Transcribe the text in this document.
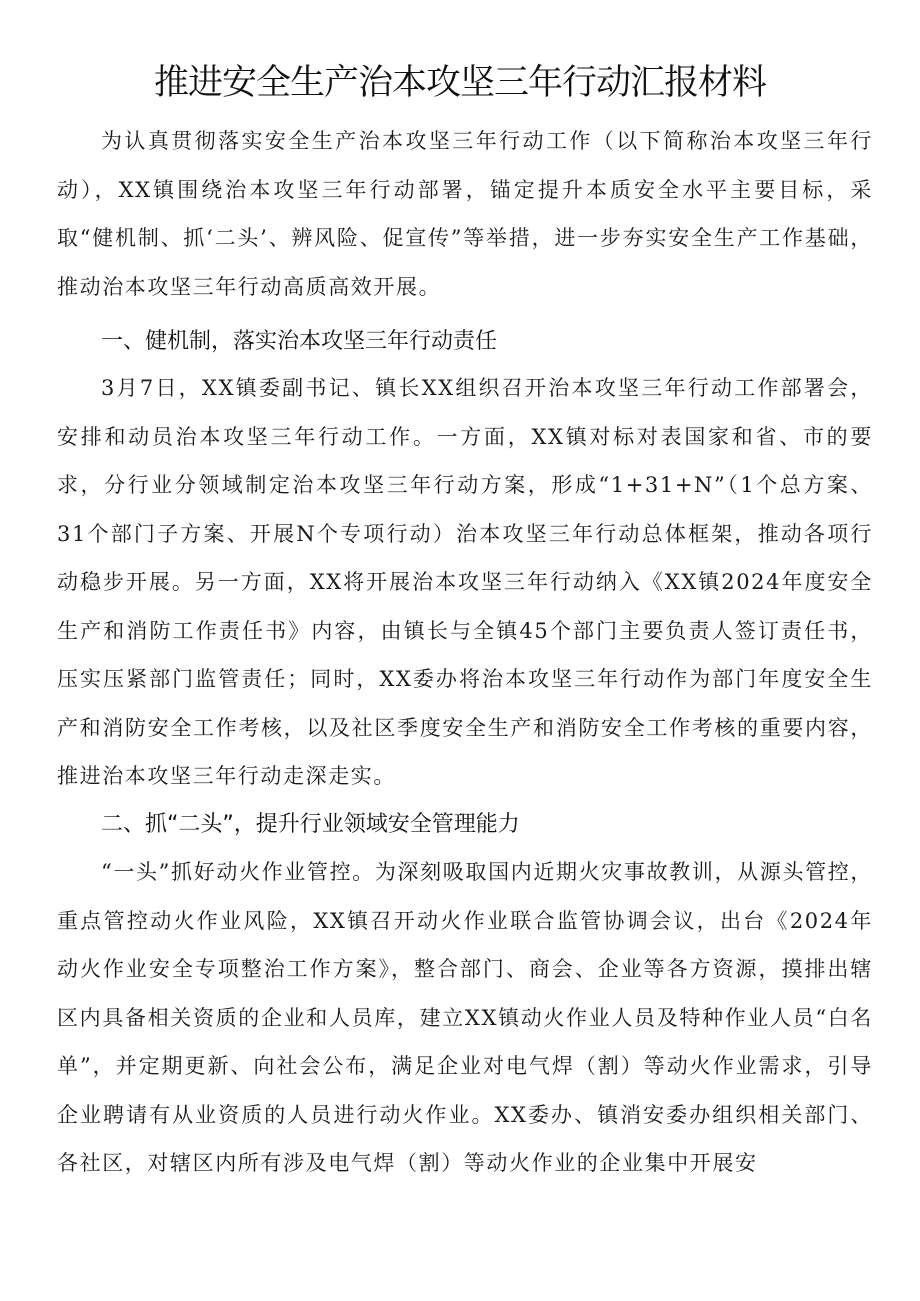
推进安全生产治本攻坚三年行动汇报材料

为认真贯彻落实安全生产治本攻坚三年行动工作（以下简称治本攻坚三年行动），XX镇围绕治本攻坚三年行动部署，锚定提升本质安全水平主要目标，采取“健机制、抓‘二头’、辨风险、促宣传”等举措，进一步夯实安全生产工作基础，推动治本攻坚三年行动高质高效开展。

一、健机制，落实治本攻坚三年行动责任

3月7日，XX镇委副书记、镇长XX组织召开治本攻坚三年行动工作部署会，安排和动员治本攻坚三年行动工作。一方面，XX镇对标对表国家和省、市的要求，分行业分领域制定治本攻坚三年行动方案，形成“1+31+N”（1个总方案、31个部门子方案、开展N个专项行动）治本攻坚三年行动总体框架，推动各项行动稳步开展。另一方面，XX将开展治本攻坚三年行动纳入《XX镇2024年度安全生产和消防工作责任书》内容，由镇长与全镇45个部门主要负责人签订责任书，压实压紧部门监管责任；同时，XX委办将治本攻坚三年行动作为部门年度安全生产和消防安全工作考核，以及社区季度安全生产和消防安全工作考核的重要内容，推进治本攻坚三年行动走深走实。

二、抓“二头”，提升行业领域安全管理能力

“一头”抓好动火作业管控。为深刻吸取国内近期火灾事故教训，从源头管控，重点管控动火作业风险，XX镇召开动火作业联合监管协调会议，出台《2024年动火作业安全专项整治工作方案》，整合部门、商会、企业等各方资源，摸排出辖区内具备相关资质的企业和人员库，建立XX镇动火作业人员及特种作业人员“白名单”，并定期更新、向社会公布，满足企业对电气焊（割）等动火作业需求，引导企业聘请有从业资质的人员进行动火作业。XX委办、镇消安委办组织相关部门、各社区，对辖区内所有涉及电气焊（割）等动火作业的企业集中开展安
